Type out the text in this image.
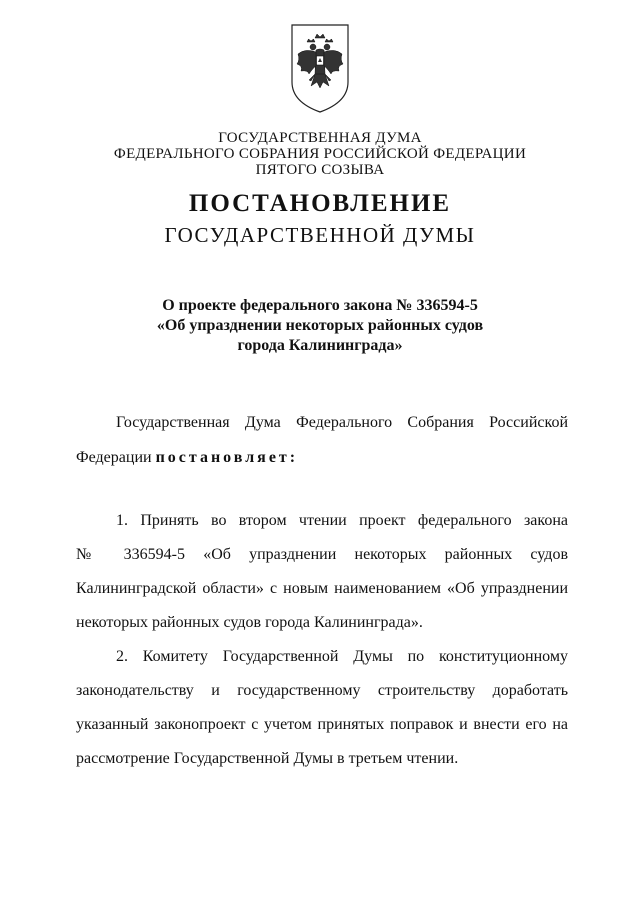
ГОСУДАРСТВЕННАЯ ДУМА
ФЕДЕРАЛЬНОГО СОБРАНИЯ РОССИЙСКОЙ ФЕДЕРАЦИИ
ПЯТОГО СОЗЫВА
ПОСТАНОВЛЕНИЕ
ГОСУДАРСТВЕННОЙ ДУМЫ
О проекте федерального закона № 336594-5
«Об упразднении некоторых районных судов
города Калининграда»
Государственная Дума Федерального Собрания Российской
Федерации постановляет:
1. Принять во втором чтении проект федерального закона
№ 336594-5 «Об упразднении некоторых районных судов
Калининградской области» с новым наименованием «Об упразднении
некоторых районных судов города Калининграда».
2. Комитету Государственной Думы по конституционному
законодательству и государственному строительству доработать
указанный законопроект с учетом принятых поправок и внести его на
рассмотрение Государственной Думы в третьем чтении.
